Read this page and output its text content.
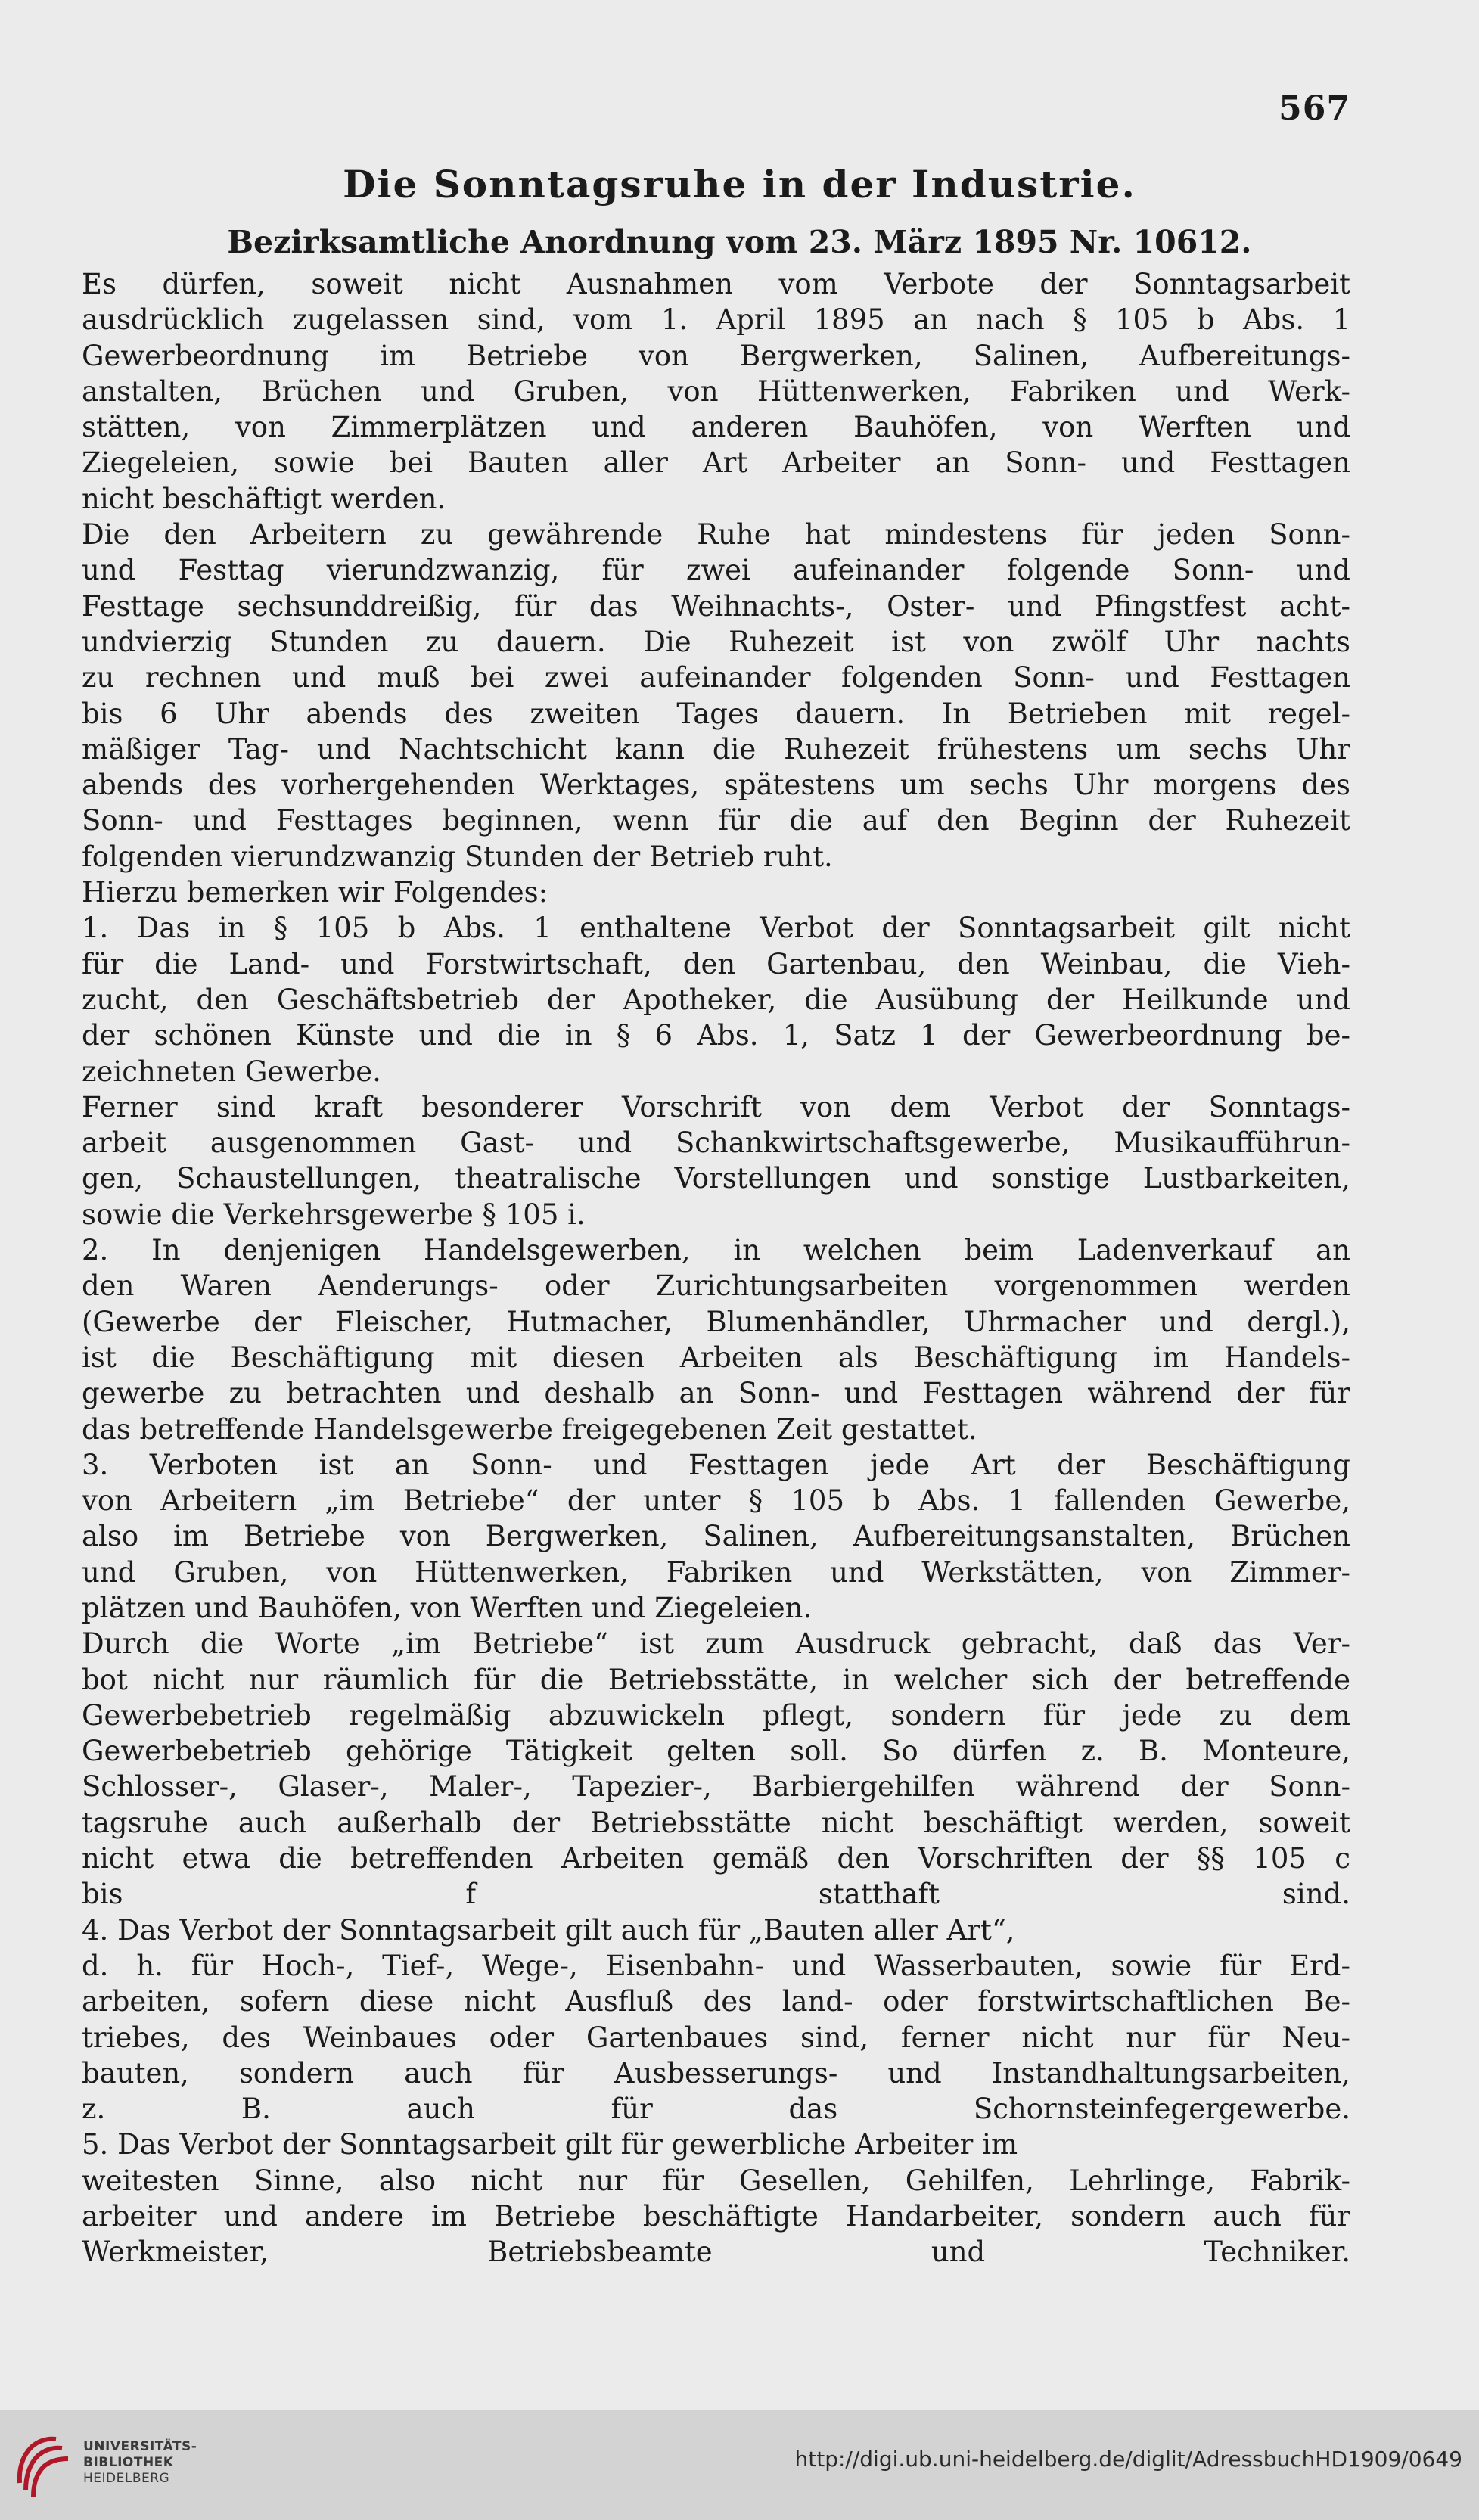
567
Die Sonntagsruhe in der Industrie.
Bezirksamtliche Anordnung vom 23. März 1895 Nr. 10612.
Es dürfen, soweit nicht Ausnahmen vom Verbote der Sonntagsarbeit
ausdrücklich zugelassen sind, vom 1. April 1895 an nach § 105 b Abs. 1
Gewerbeordnung im Betriebe von Bergwerken, Salinen, Aufbereitungs-
anstalten, Brüchen und Gruben, von Hüttenwerken, Fabriken und Werk-
stätten, von Zimmerplätzen und anderen Bauhöfen, von Werften und
Ziegeleien, sowie bei Bauten aller Art Arbeiter an Sonn- und Festtagen
nicht beschäftigt werden.
Die den Arbeitern zu gewährende Ruhe hat mindestens für jeden Sonn-
und Festtag vierundzwanzig, für zwei aufeinander folgende Sonn- und
Festtage sechsunddreißig, für das Weihnachts-, Oster- und Pfingstfest acht-
undvierzig Stunden zu dauern. Die Ruhezeit ist von zwölf Uhr nachts
zu rechnen und muß bei zwei aufeinander folgenden Sonn- und Festtagen
bis 6 Uhr abends des zweiten Tages dauern. In Betrieben mit regel-
mäßiger Tag- und Nachtschicht kann die Ruhezeit frühestens um sechs Uhr
abends des vorhergehenden Werktages, spätestens um sechs Uhr morgens des
Sonn- und Festtages beginnen, wenn für die auf den Beginn der Ruhezeit
folgenden vierundzwanzig Stunden der Betrieb ruht.
Hierzu bemerken wir Folgendes:
1. Das in § 105 b Abs. 1 enthaltene Verbot der Sonntagsarbeit gilt nicht
für die Land- und Forstwirtschaft, den Gartenbau, den Weinbau, die Vieh-
zucht, den Geschäftsbetrieb der Apotheker, die Ausübung der Heilkunde und
der schönen Künste und die in § 6 Abs. 1, Satz 1 der Gewerbeordnung be-
zeichneten Gewerbe.
Ferner sind kraft besonderer Vorschrift von dem Verbot der Sonntags-
arbeit ausgenommen Gast- und Schankwirtschaftsgewerbe, Musikaufführun-
gen, Schaustellungen, theatralische Vorstellungen und sonstige Lustbarkeiten,
sowie die Verkehrsgewerbe § 105 i.
2. In denjenigen Handelsgewerben, in welchen beim Ladenverkauf an
den Waren Aenderungs- oder Zurichtungsarbeiten vorgenommen werden
(Gewerbe der Fleischer, Hutmacher, Blumenhändler, Uhrmacher und dergl.),
ist die Beschäftigung mit diesen Arbeiten als Beschäftigung im Handels-
gewerbe zu betrachten und deshalb an Sonn- und Festtagen während der für
das betreffende Handelsgewerbe freigegebenen Zeit gestattet.
3. Verboten ist an Sonn- und Festtagen jede Art der Beschäftigung
von Arbeitern „im Betriebe“ der unter § 105 b Abs. 1 fallenden Gewerbe,
also im Betriebe von Bergwerken, Salinen, Aufbereitungsanstalten, Brüchen
und Gruben, von Hüttenwerken, Fabriken und Werkstätten, von Zimmer-
plätzen und Bauhöfen, von Werften und Ziegeleien.
Durch die Worte „im Betriebe“ ist zum Ausdruck gebracht, daß das Ver-
bot nicht nur räumlich für die Betriebsstätte, in welcher sich der betreffende
Gewerbebetrieb regelmäßig abzuwickeln pflegt, sondern für jede zu dem
Gewerbebetrieb gehörige Tätigkeit gelten soll. So dürfen z. B. Monteure,
Schlosser-, Glaser-, Maler-, Tapezier-, Barbiergehilfen während der Sonn-
tagsruhe auch außerhalb der Betriebsstätte nicht beschäftigt werden, soweit
nicht etwa die betreffenden Arbeiten gemäß den Vorschriften der §§ 105 c
bis f statthaft sind.
4. Das Verbot der Sonntagsarbeit gilt auch für „Bauten aller Art“,
d. h. für Hoch-, Tief-, Wege-, Eisenbahn- und Wasserbauten, sowie für Erd-
arbeiten, sofern diese nicht Ausfluß des land- oder forstwirtschaftlichen Be-
triebes, des Weinbaues oder Gartenbaues sind, ferner nicht nur für Neu-
bauten, sondern auch für Ausbesserungs- und Instandhaltungsarbeiten,
z. B. auch für das Schornsteinfegergewerbe.
5. Das Verbot der Sonntagsarbeit gilt für gewerbliche Arbeiter im
weitesten Sinne, also nicht nur für Gesellen, Gehilfen, Lehrlinge, Fabrik-
arbeiter und andere im Betriebe beschäftigte Handarbeiter, sondern auch für
Werkmeister, Betriebsbeamte und Techniker.
UNIVERSITÄTS-
BIBLIOTHEK
HEIDELBERG
http://digi.ub.uni-heidelberg.de/diglit/AdressbuchHD1909/0649
